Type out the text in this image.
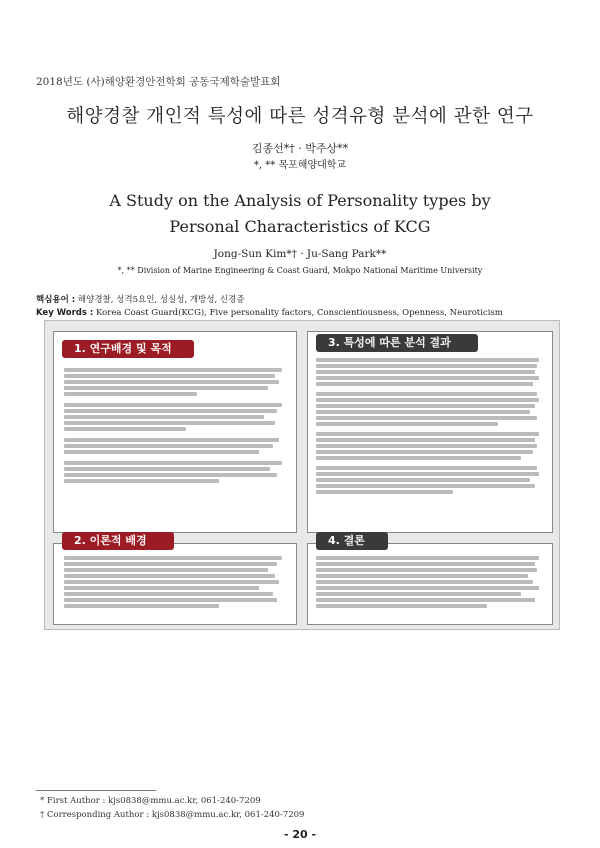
2018년도 (사)해양환경안전학회 공동국제학술발표회
해양경찰 개인적 특성에 따른 성격유형 분석에 관한 연구
김종선*† · 박주상**
*, ** 목포해양대학교
A Study on the Analysis of Personality types by
Personal Characteristics of KCG
Jong-Sun Kim*† · Ju-Sang Park**
*, ** Division of Marine Engineering & Coast Guard, Mokpo National Maritime University
핵심용어 : 해양경찰, 성격5요인, 성실성, 개방성, 신경증
Key Words : Korea Coast Guard(KCG), Five personality factors, Conscientiousness, Openness, Neuroticism
1. 연구배경 및 목적
2. 이론적 배경
3. 특성에 따른 분석 결과
4. 결론
* First Author : kjs0838@mmu.ac.kr, 061-240-7209
† Corresponding Author : kjs0838@mmu.ac.kr, 061-240-7209
- 20 -
